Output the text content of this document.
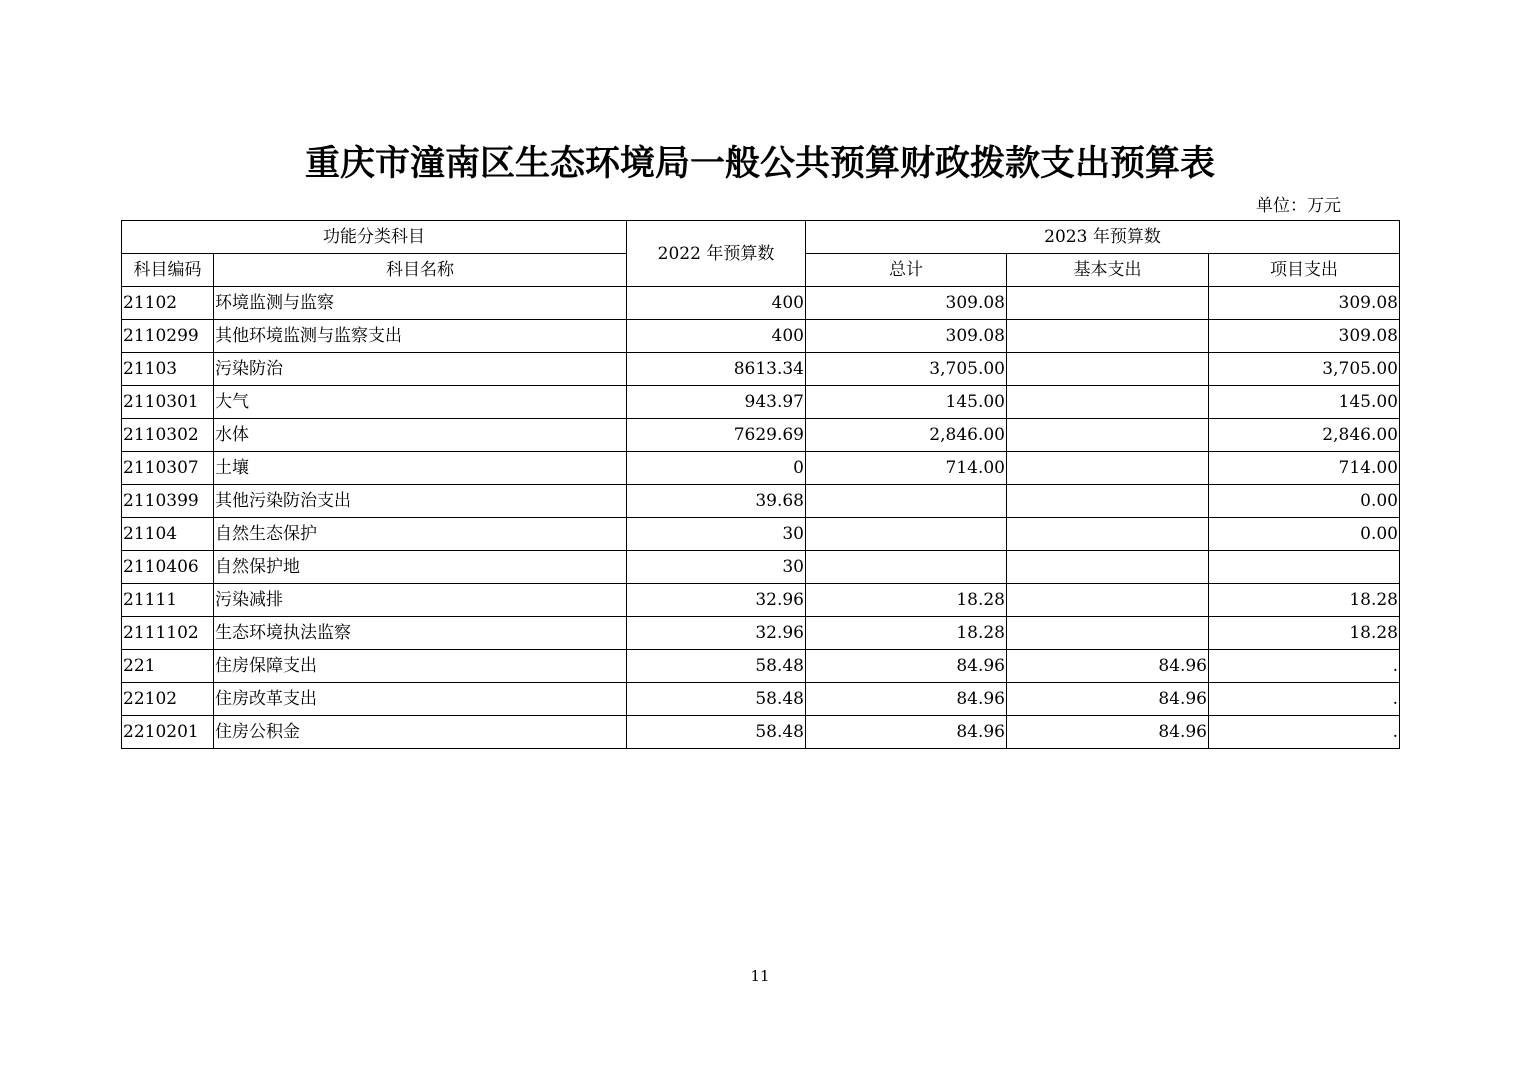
重庆市潼南区生态环境局一般公共预算财政拨款支出预算表
单位：万元
功能分类科目		2022 年预算数	2023 年预算数		
科目编码	科目名称		总计	基本支出	项目支出
21102	环境监测与监察	400	309.08		309.08
2110299	其他环境监测与监察支出	400	309.08		309.08
21103	污染防治	8613.34	3,705.00		3,705.00
2110301	大气	943.97	145.00		145.00
2110302	水体	7629.69	2,846.00		2,846.00
2110307	土壤	0	714.00		714.00
2110399	其他污染防治支出	39.68			0.00
21104	自然生态保护	30			0.00
2110406	自然保护地	30			
21111	污染减排	32.96	18.28		18.28
2111102	生态环境执法监察	32.96	18.28		18.28
221	住房保障支出	58.48	84.96	84.96	.
22102	住房改革支出	58.48	84.96	84.96	.
2210201	住房公积金	58.48	84.96	84.96	.
11
